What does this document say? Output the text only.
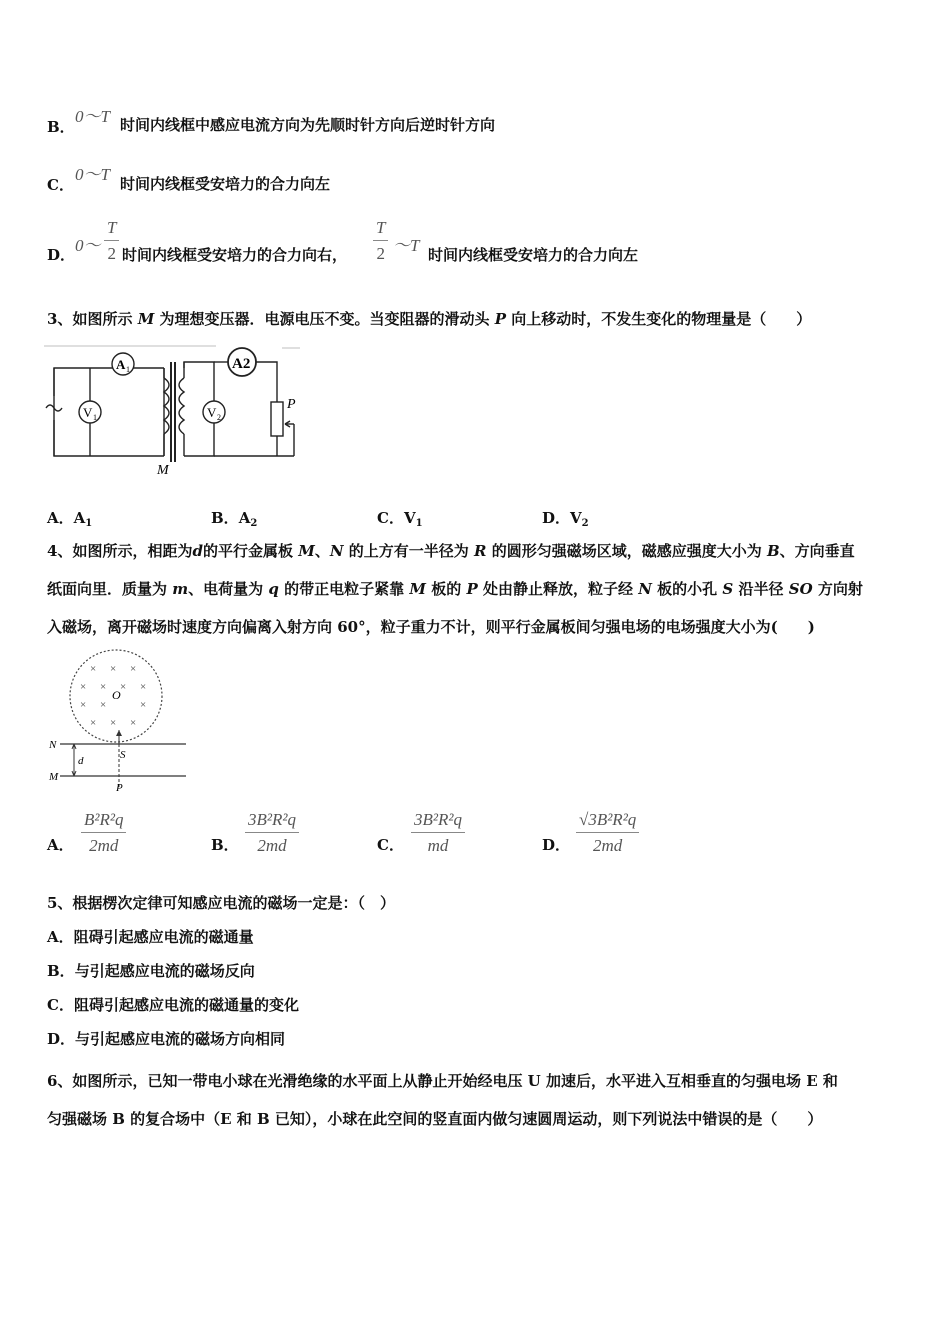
B．
0～T 时间内线框中感应电流方向为先顺时针方向后逆时针方向
C．
0～T 时间内线框受安培力的合力向左
D． 0～ $\frac{T}{2}$ 时间内线框受安培力的合力向右， $\frac{T}{2}$ ～T 时间内线框受安培力的合力向左
3、如图所示 M 为理想变压器．电源电压不变。当变阻器的滑动头 P 向上移动时，不发生变化的物理量是（　　）
A 1
V 1	V 2
A2
P
M
A．$A_1$	B．$A_2$	C．$V_1$	D．$V_2$
4、如图所示，相距为d的平行金属板 M、N 的上方有一半径为 R 的圆形匀强磁场区域，磁感应强度大小为 B、方向垂直
纸面向里．质量为 m、电荷量为 q 的带正电粒子紧靠 M 板的 P 处由静止释放，粒子经 N 板的小孔 S 沿半径 SO 方向射
入磁场，离开磁场时速度方向偏离入射方向 60°，粒子重力不计，则平行金属板间匀强电场的电场强度大小为(　　)
× × ×
× ×	×
×
× ×	×
× × ×
O
N
M
d	S
P
A． $\frac{\text{B²R²q}}{2md}$	B． $\frac{\text{3B²R²q}}{2md}$	C． $\frac{\text{3B²R²q}}{md}$	D． $\frac{\text{√3B²R²q}}{2md}$
5、根据楞次定律可知感应电流的磁场一定是：（　）
A．阻碍引起感应电流的磁通量
B．与引起感应电流的磁场反向
C．阻碍引起感应电流的磁通量的变化
D．与引起感应电流的磁场方向相同
6、如图所示，已知一带电小球在光滑绝缘的水平面上从静止开始经电压 U 加速后，水平进入互相垂直的匀强电场 E 和
匀强磁场 B 的复合场中（E 和 B 已知），小球在此空间的竖直面内做匀速圆周运动，则下列说法中错误的是（　　）
